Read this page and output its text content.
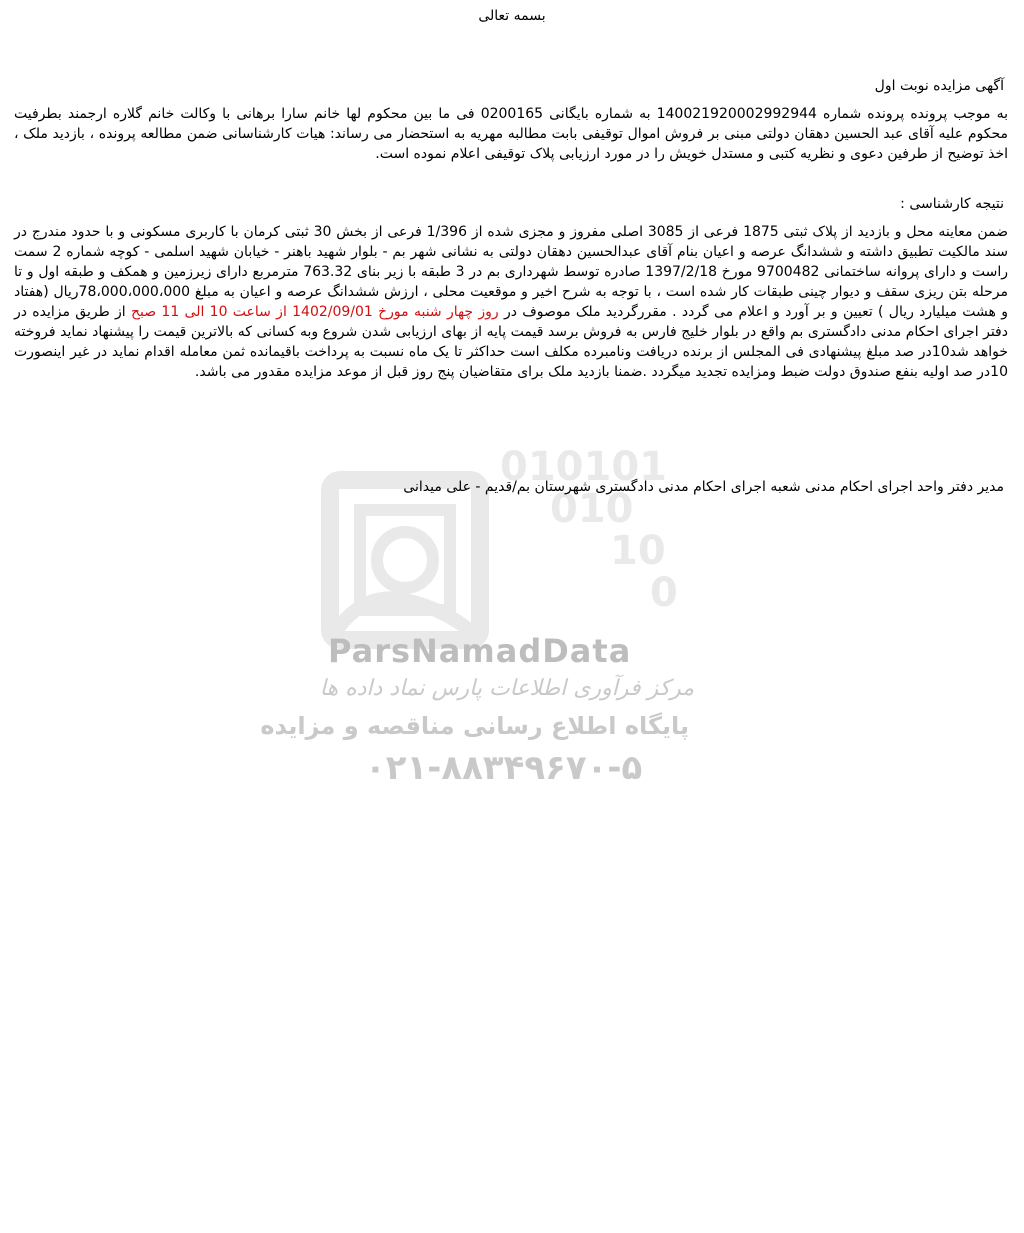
010101
010
10
0
ParsNamadData
مرکز فرآوری اطلاعات پارس نماد داده ها
پایگاه اطلاع رسانی مناقصه و مزایده
۰۲۱-۸۸۳۴۹۶۷۰-۵
بسمه تعالی
آگهی مزایده نوبت اول
به موجب پرونده پرونده شماره 140021920002992944 به شماره بایگانی 0200165 فی ما بین محکوم لها خانم سارا برهانی با وکالت خانم گلاره ارجمند بطرفیت محکوم علیه آقای عبد الحسین دهقان دولتی مبنی بر فروش اموال توقیفی بابت مطالبه مهریه به استحضار می رساند: هیات کارشناسانی ضمن مطالعه پرونده ، بازدید ملک ، اخذ توضیح از طرفین دعوی و نظریه کتبی و مستدل خویش را در مورد ارزیابی پلاک توقیفی اعلام نموده است.
نتیجه کارشناسی :
ضمن معاینه محل و بازدید از پلاک ثبتی 1875 فرعی از 3085 اصلی مفروز و مجزی شده از 1/396 فرعی از بخش 30 ثبتی کرمان با کاربری مسکونی و با حدود مندرج در سند مالکیت تطبیق داشته و ششدانگ عرصه و اعیان بنام آقای عبدالحسین دهقان دولتی به نشانی شهر بم - بلوار شهید باهنر - خیابان شهید اسلمی - کوچه شماره 2 سمت راست و دارای پروانه ساختمانی 9700482 مورخ 1397/2/18 صادره توسط شهرداری بم در 3 طبقه با زیر بنای 763.32 مترمربع دارای زیرزمین و همکف و طبقه اول و تا مرحله بتن ریزی سقف و دیوار چینی طبقات کار شده است ، با توجه به شرح اخیر و موقعیت محلی ، ارزش ششدانگ عرصه و اعیان به مبلغ 78،000،000،000ریال (هفتاد و هشت میلیارد ریال ) تعیین و بر آورد و اعلام می گردد . مقررگردید ملک موصوف در روز چهار شنبه مورخ 1402/09/01 از ساعت 10 الی 11 صبح از طریق مزایده در دفتر اجرای احکام مدنی دادگستری بم واقع در بلوار خلیج فارس به فروش برسد قیمت پایه از بهای ارزیابی شدن شروع وبه کسانی که بالاترین قیمت را پیشنهاد نماید فروخته خواهد شد10در صد مبلغ پیشنهادی فی المجلس از برنده دریافت ونامبرده مکلف است حداکثر تا یک ماه نسبت به پرداخت باقیمانده ثمن معامله اقدام نماید در غیر اینصورت 10در صد اولیه بنفع صندوق دولت ضبط ومزایده تجدید میگردد .ضمنا بازدید ملک برای متقاضیان پنج روز قبل از موعد مزایده مقدور می باشد.
مدیر دفتر واحد اجرای احکام مدنی شعبه اجرای احکام مدنی دادگستری شهرستان بم/قدیم - علی میدانی
